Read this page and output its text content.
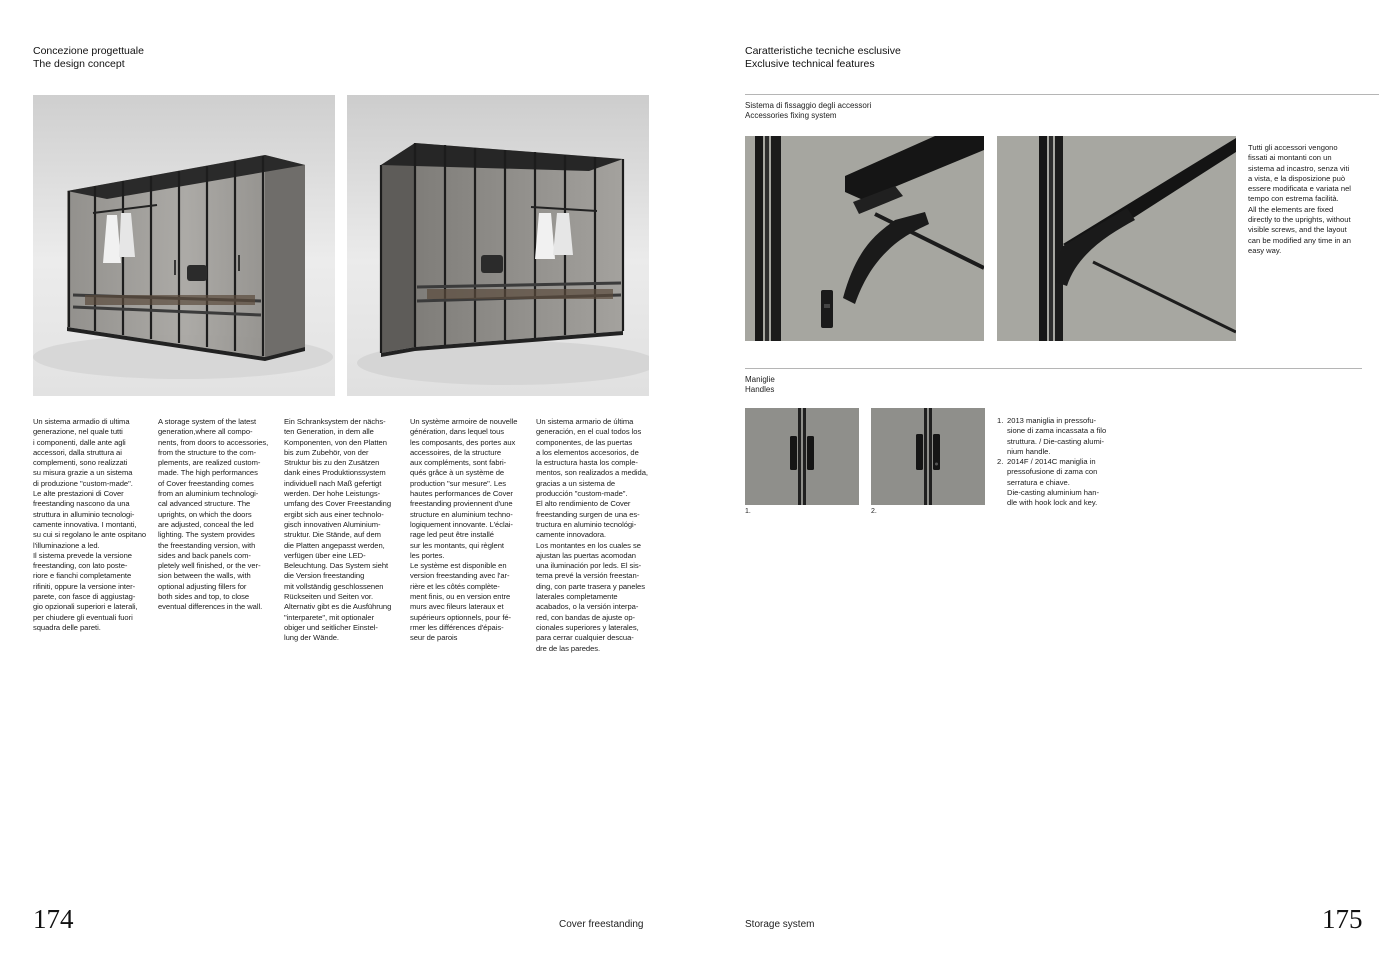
Concezione progettuale
The design concept
Un sistema armadio di ultima
generazione, nel quale tutti
i componenti, dalle ante agli
accessori, dalla struttura ai
complementi, sono realizzati
su misura grazie a un sistema
di produzione "custom-made".
Le alte prestazioni di Cover
freestanding nascono da una
struttura in alluminio tecnologi-
camente innovativa. I montanti,
su cui si regolano le ante ospitano
l'illuminazione a led.
Il sistema prevede la versione
freestanding, con lato poste-
riore e fianchi completamente
rifiniti, oppure la versione inter-
parete, con fasce di aggiustag-
gio opzionali superiori e laterali,
per chiudere gli eventuali fuori
squadra delle pareti.
A storage system of the latest
generation,where all compo-
nents, from doors to accessories,
from the structure to the com-
plements, are realized custom-
made. The high performances
of Cover freestanding comes
from an aluminium technologi-
cal advanced structure. The
uprights, on which the doors
are adjusted, conceal the led
lighting. The system provides
the freestanding version, with
sides and back panels com-
pletely well finished, or the ver-
sion between the walls, with
optional adjusting fillers for
both sides and top, to close
eventual differences in the wall.
Ein Schranksystem der nächs-
ten Generation, in dem alle
Komponenten, von den Platten
bis zum Zubehör, von der
Struktur bis zu den Zusätzen
dank eines Produktionssystem
individuell nach Maß gefertigt
werden. Der hohe Leistungs-
umfang des Cover Freestanding
ergibt sich aus einer technolo-
gisch innovativen Aluminium-
struktur. Die Stände, auf dem
die Platten angepasst werden,
verfügen über eine LED-
Beleuchtung. Das System sieht
die Version freestanding
mit vollständig geschlossenen
Rückseiten und Seiten vor.
Alternativ gibt es die Ausführung
"interparete", mit optionaler
obiger und seitlicher Einstel-
lung der Wände.
Un système armoire de nouvelle
génération, dans lequel tous
les composants, des portes aux
accessoires, de la structure
aux compléments, sont fabri-
qués grâce à un système de
production "sur mesure". Les
hautes performances de Cover
freestanding proviennent d'une
structure en aluminium techno-
logiquement innovante. L'éclai-
rage led peut être installé
sur les montants, qui règlent
les portes.
Le système est disponible en
version freestanding avec l'ar-
rière et les côtés complète-
ment finis, ou en version entre
murs avec fileurs lateraux et
supérieurs optionnels, pour fé-
rmer les différences d'épais-
seur de parois
Un sistema armario de última
generación, en el cual todos los
componentes, de las puertas
a los elementos accesorios, de
la estructura hasta los comple-
mentos, son realizados a medida,
gracias a un sistema de
producción "custom-made".
El alto rendimiento de Cover
freestanding surgen de una es-
tructura en aluminio tecnológi-
camente innovadora.
Los montantes en los cuales se
ajustan las puertas acomodan
una iluminación por leds. El sis-
tema prevé la versión freestan-
ding, con parte trasera y paneles
laterales completamente
acabados, o la versión interpa-
red, con bandas de ajuste op-
cionales superiores y laterales,
para cerrar cualquier descua-
dre de las paredes.
174	Cover freestanding
Caratteristiche tecniche esclusive
Exclusive technical features
Sistema di fissaggio degli accessori
Accessories fixing system
Tutti gli accessori vengono
fissati ai montanti con un
sistema ad incastro, senza viti
a vista, e la disposizione può
essere modificata e variata nel
tempo con estrema facilità.
All the elements are fixed
directly to the uprights, without
visible screws, and the layout
can be modified any time in an
easy way.
Maniglie
Handles
1.	2.
1. 2013 maniglia in pressofu-
sione di zama incassata a filo
struttura. / Die-casting alumi-
nium handle.
2. 2014F / 2014C maniglia in
pressofusione di zama con
serratura e chiave.
Die-casting aluminium han-
dle with hook lock and key.
Storage system	175
